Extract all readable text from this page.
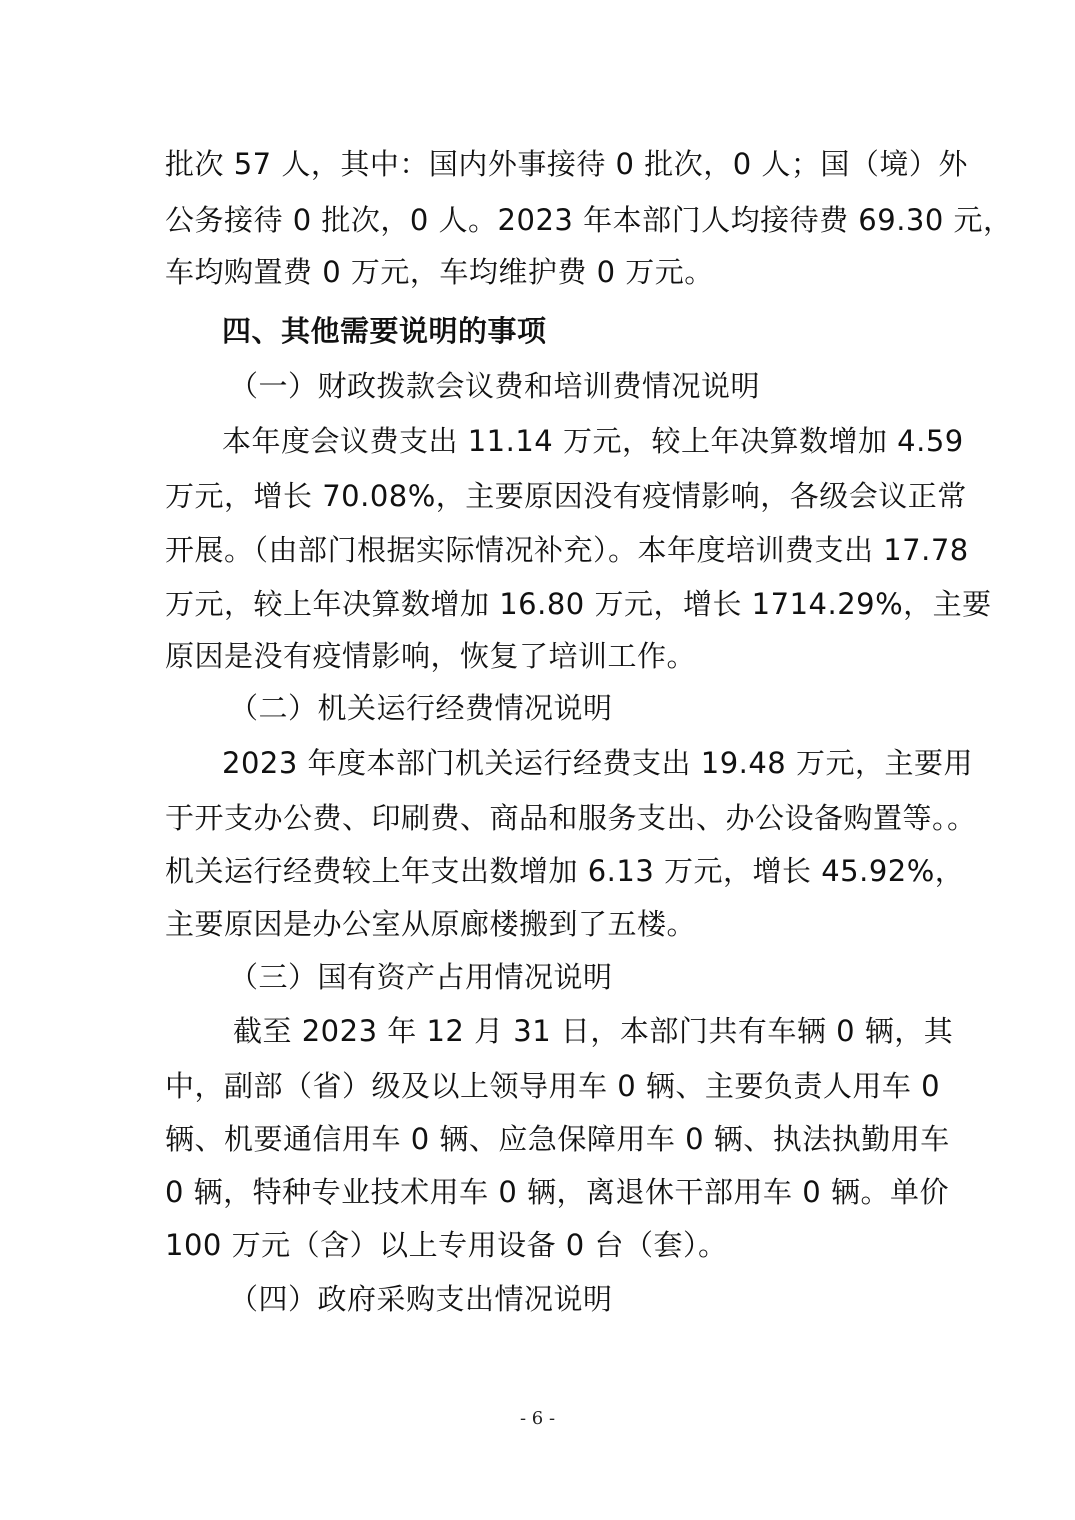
批次 57 人，其中：国内外事接待 0 批次，0 人；国（境）外
公务接待 0 批次，0 人。2023 年本部门人均接待费 69.30 元，
车均购置费 0 万元，车均维护费 0 万元。
四、其他需要说明的事项
（一）财政拨款会议费和培训费情况说明
本年度会议费支出 11.14 万元，较上年决算数增加 4.59
万元，增长 70.08%，主要原因没有疫情影响，各级会议正常
开展。（由部门根据实际情况补充）。本年度培训费支出 17.78
万元，较上年决算数增加 16.80 万元，增长 1714.29%，主要
原因是没有疫情影响，恢复了培训工作。
（二）机关运行经费情况说明
2023 年度本部门机关运行经费支出 19.48 万元，主要用
于开支办公费、印刷费、商品和服务支出、办公设备购置等。。
机关运行经费较上年支出数增加 6.13 万元，增长 45.92%，
主要原因是办公室从原廊楼搬到了五楼。
（三）国有资产占用情况说明
截至 2023 年 12 月 31 日，本部门共有车辆 0 辆，其
中，副部（省）级及以上领导用车 0 辆、主要负责人用车 0
辆、机要通信用车 0 辆、应急保障用车 0 辆、执法执勤用车
0 辆，特种专业技术用车 0 辆，离退休干部用车 0 辆。单价
100 万元（含）以上专用设备 0 台（套）。
（四）政府采购支出情况说明
- 6 -
